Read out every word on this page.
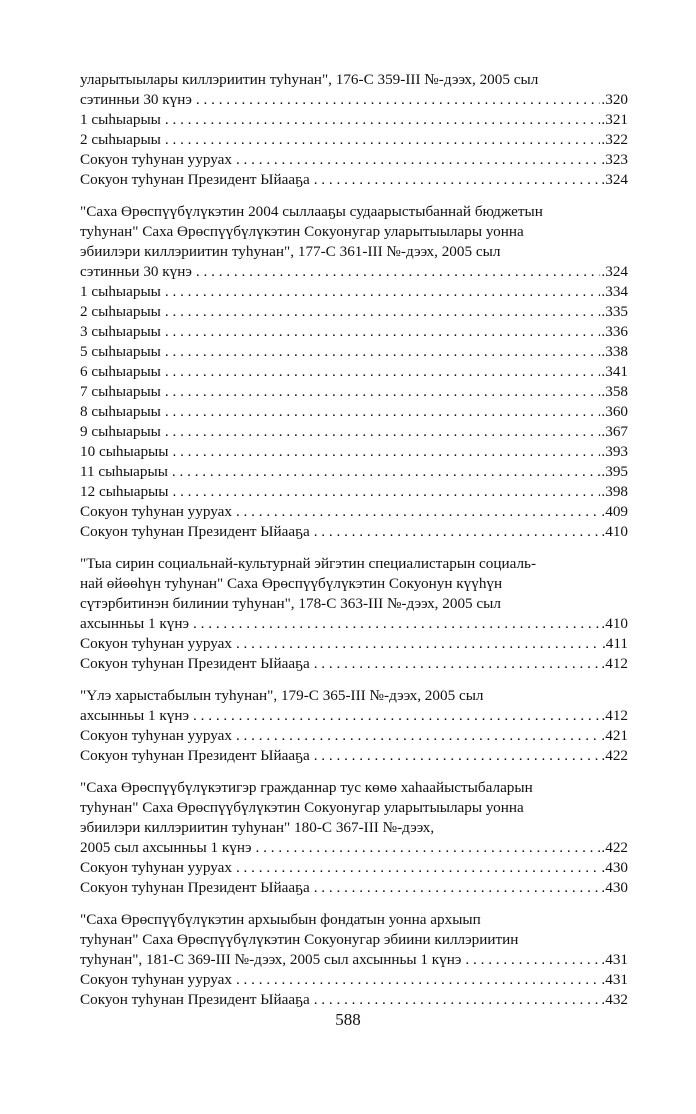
уларытыылары киллэриитин туһунан", 176-С 359-III №-дээх, 2005 сыл
сэтинньи 30 күнэ . . .	.320
1 сыһыарыы . . .	.321
2 сыһыарыы . . .	.322
Сокуон туһунан ууруах . . .	.323
Сокуон туһунан Президент Ыйааҕа . . .	.324
"Саха Өрөспүүбүлүкэтин 2004 сыллааҕы судаарыстыбаннай бюджетын
туһунан" Саха Өрөспүүбүлүкэтин Сокуонугар уларытыылары уонна
эбиилэри киллэриитин туһунан", 177-С 361-III №-дээх, 2005 сыл
сэтинньи 30 күнэ . . .	.324
1 сыһыарыы . . .	.334
2 сыһыарыы . . .	.335
3 сыһыарыы . . .	.336
5 сыһыарыы . . .	.338
6 сыһыарыы . . .	.341
7 сыһыарыы . . .	.358
8 сыһыарыы . . .	.360
9 сыһыарыы . . .	.367
10 сыһыарыы . . .	.393
11 сыһыарыы . . .	.395
12 сыһыарыы . . .	.398
Сокуон туһунан ууруах . . .	.409
Сокуон туһунан Президент Ыйааҕа . . .	.410
"Тыа сирин социальнай-культурнай эйгэтин специалистарын социаль-
най өйөөһүн туһунан" Саха Өрөспүүбүлүкэтин Сокуонун күүһүн
сүтэрбитинэн билинии туһунан", 178-С 363-III №-дээх, 2005 сыл
ахсынньы 1 күнэ . . .	.410
Сокуон туһунан ууруах . . .	.411
Сокуон туһунан Президент Ыйааҕа . . .	.412
"Үлэ харыстабылын туһунан", 179-С 365-III №-дээх, 2005 сыл
ахсынньы 1 күнэ . . .	.412
Сокуон туһунан ууруах . . .	.421
Сокуон туһунан Президент Ыйааҕа . . .	.422
"Саха Өрөспүүбүлүкэтигэр гражданнар тус көмө хаһаайыстыбаларын
туһунан" Саха Өрөспүүбүлүкэтин Сокуонугар уларытыылары уонна
эбиилэри киллэриитин туһунан" 180-С 367-III №-дээх,
2005 сыл ахсынньы 1 күнэ . . .	.422
Сокуон туһунан ууруах . . .	.430
Сокуон туһунан Президент Ыйааҕа . . .	.430
"Саха Өрөспүүбүлүкэтин архыыбын фондатын уонна архыып
туһунан" Саха Өрөспүүбүлүкэтин Сокуонугар эбиини киллэриитин
туһунан", 181-С 369-III №-дээх, 2005 сыл ахсынньы 1 күнэ . . .	.431
Сокуон туһунан ууруах . . .	.431
Сокуон туһунан Президент Ыйааҕа . . .	.432
588
